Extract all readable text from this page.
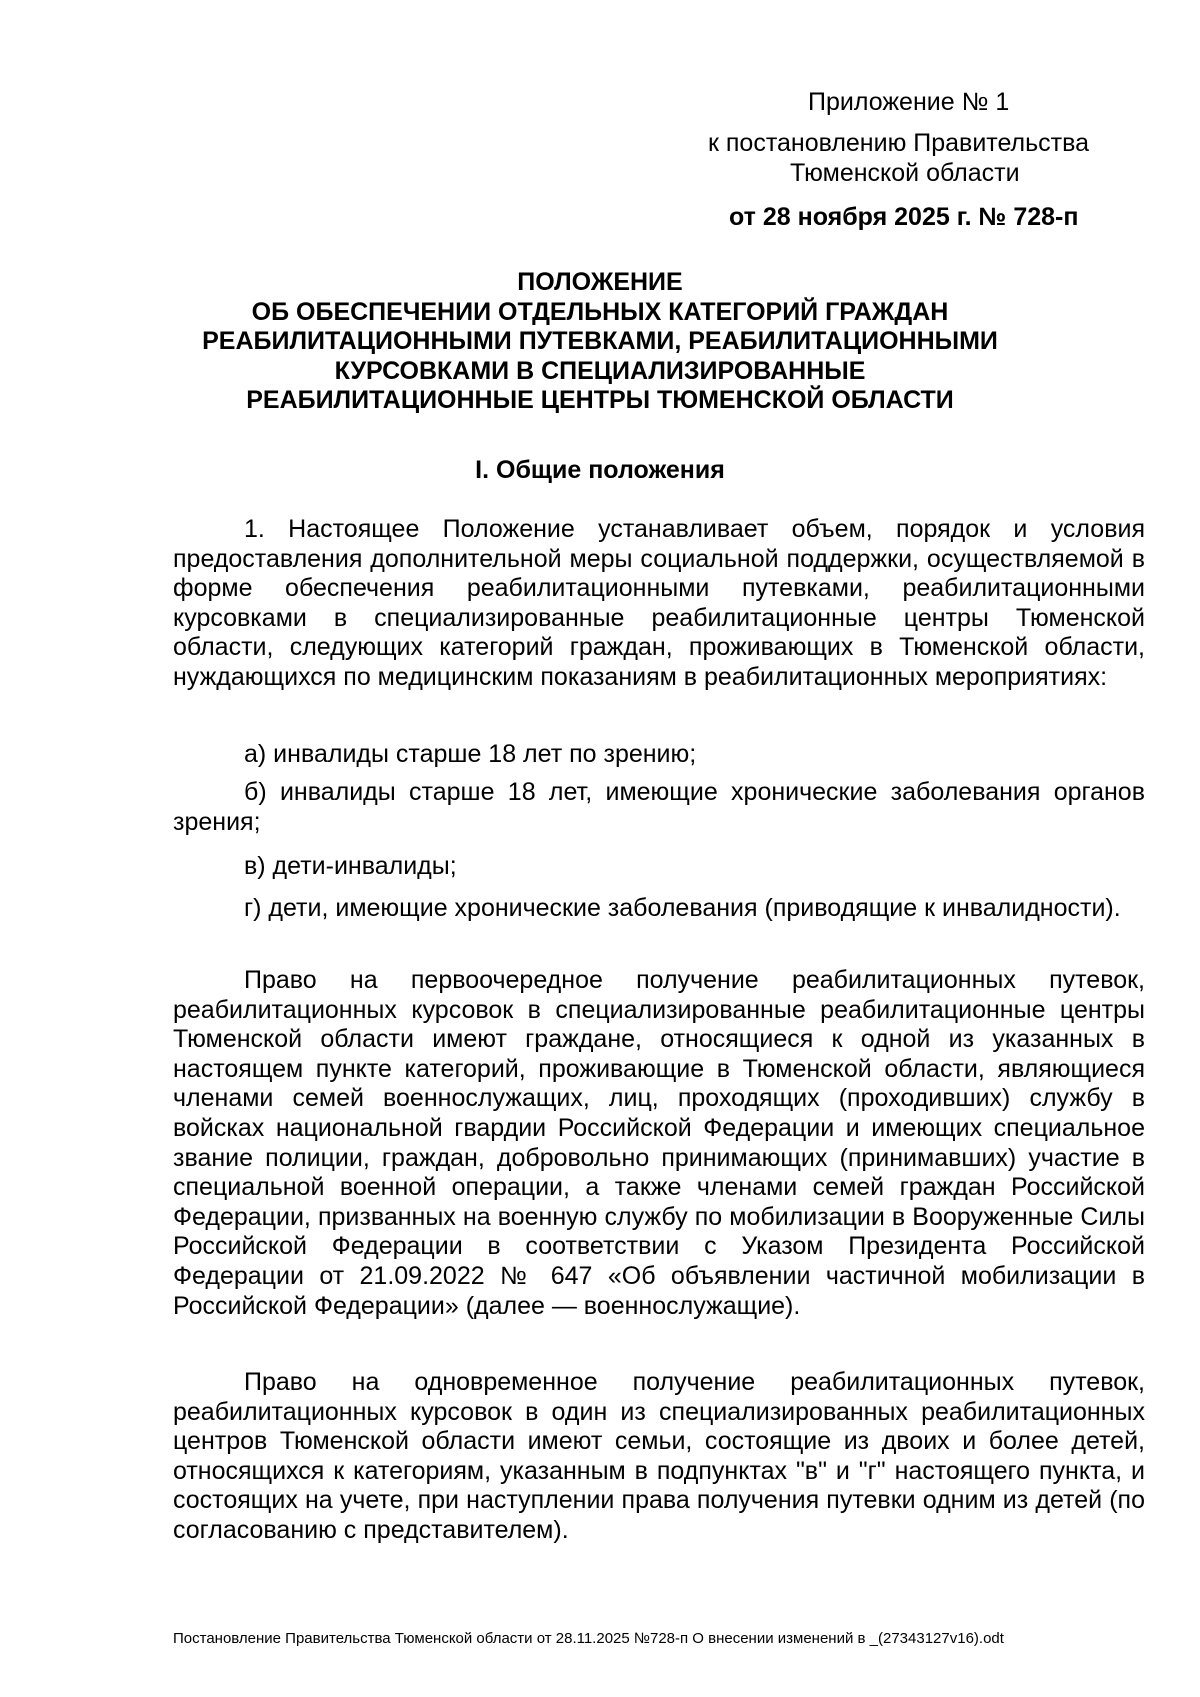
Приложение № 1

к постановлению Правительства

Тюменской области

от 28 ноября 2025 г. № 728-п

ПОЛОЖЕНИЕ
ОБ ОБЕСПЕЧЕНИИ ОТДЕЛЬНЫХ КАТЕГОРИЙ ГРАЖДАН
РЕАБИЛИТАЦИОННЫМИ ПУТЕВКАМИ, РЕАБИЛИТАЦИОННЫМИ
КУРСОВКАМИ В СПЕЦИАЛИЗИРОВАННЫЕ
РЕАБИЛИТАЦИОННЫЕ ЦЕНТРЫ ТЮМЕНСКОЙ ОБЛАСТИ
I. Общие положения

1. Настоящее Положение устанавливает объем, порядок и условия предоставления дополнительной меры социальной поддержки, осуществляемой в форме обеспечения реабилитационными путевками, реабилитационными курсовками в специализированные реабилитационные центры Тюменской области, следующих категорий граждан, проживающих в Тюменской области, нуждающихся по медицинским показаниям в реабилитационных мероприятиях:

а) инвалиды старше 18 лет по зрению;

б) инвалиды старше 18 лет, имеющие хронические заболевания органов зрения;

в) дети-инвалиды;

г) дети, имеющие хронические заболевания (приводящие к инвалидности).

Право на первоочередное получение реабилитационных путевок, реабилитационных курсовок в специализированные реабилитационные центры Тюменской области имеют граждане, относящиеся к одной из указанных в настоящем пункте категорий, проживающие в Тюменской области, являющиеся членами семей военнослужащих, лиц, проходящих (проходивших) службу в войсках национальной гвардии Российской Федерации и имеющих специальное звание полиции, граждан, добровольно принимающих (принимавших) участие в специальной военной операции, а также членами семей граждан Российской Федерации, призванных на военную службу по мобилизации в Вооруженные Силы Российской Федерации в соответствии с Указом Президента Российской Федерации от 21.09.2022 № 647 «Об объявлении частичной мобилизации в Российской Федерации» (далее — военнослужащие).

Право на одновременное получение реабилитационных путевок, реабилитационных курсовок в один из специализированных реабилитационных центров Тюменской области имеют семьи, состоящие из двоих и более детей, относящихся к категориям, указанным в подпунктах "в" и "г" настоящего пункта, и состоящих на учете, при наступлении права получения путевки одним из детей (по согласованию с представителем).

Постановление Правительства Тюменской области от 28.11.2025 №728-п О внесении изменений в _(27343127v16).odt
